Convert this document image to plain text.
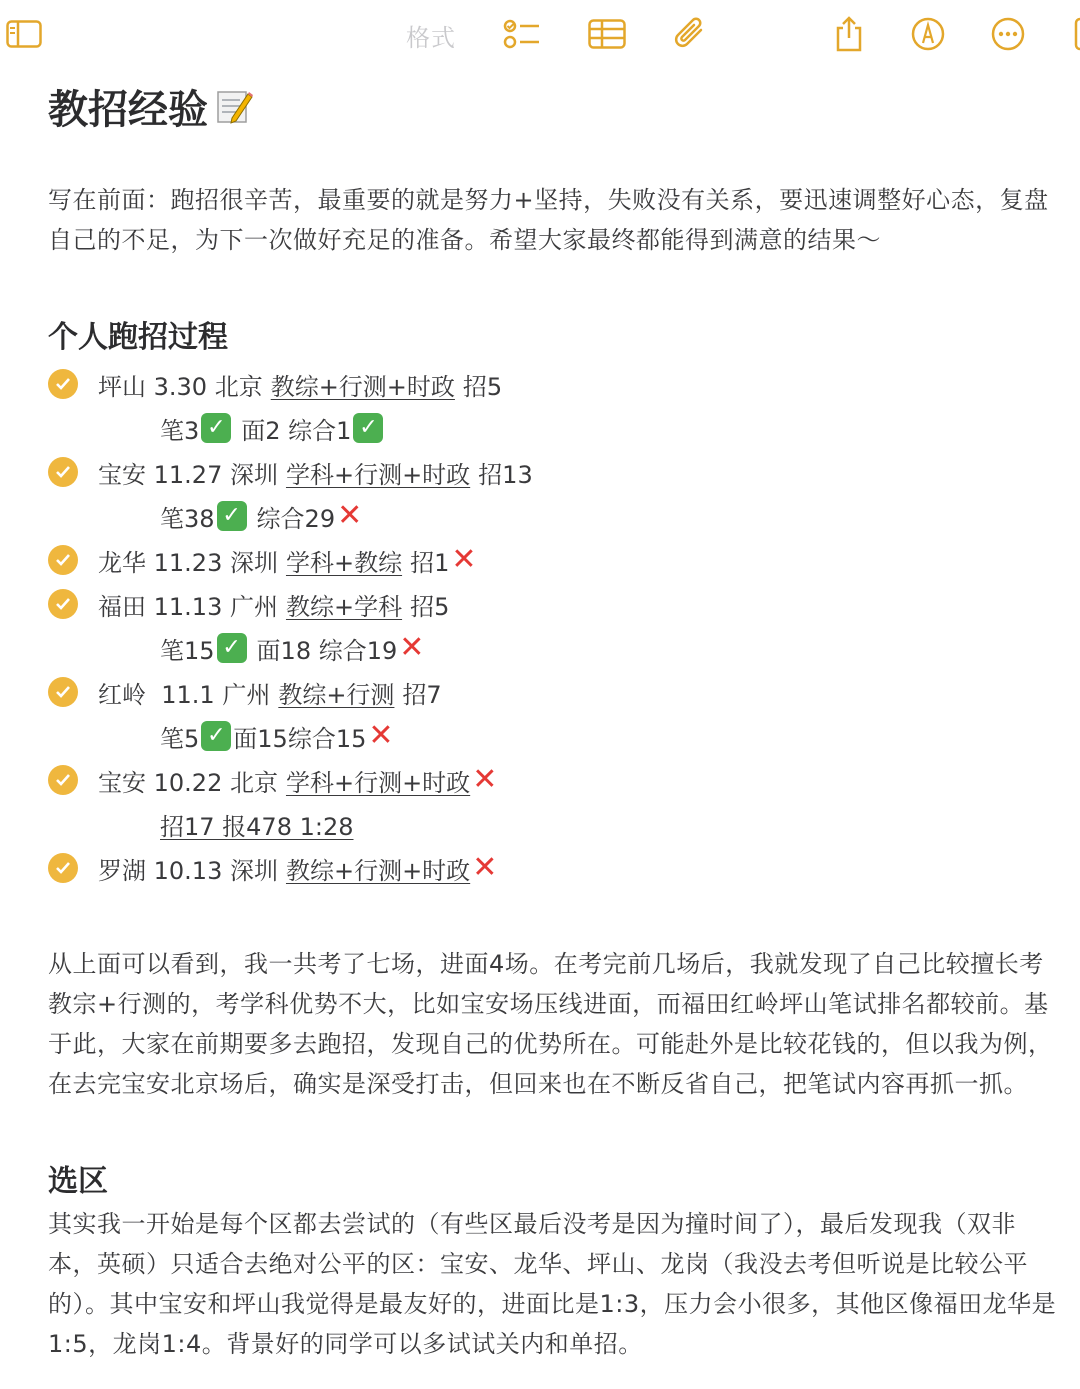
格式
教招经验

写在前面：跑招很辛苦，最重要的就是努力+坚持，失败没有关系，要迅速调整好心态，复盘自己的不足，为下一次做好充足的准备。希望大家最终都能得到满意的结果～

个人跑招过程
坪山 3.30 北京 教综+行测+时政 招5
笔3 ✓ 面2 综合1 ✓
宝安 11.27 深圳 学科+行测+时政 招13
笔38 ✓ 综合29 ✕
龙华 11.23 深圳 学科+教综 招1 ✕
福田 11.13 广州 教综+学科 招5
笔15 ✓ 面18 综合19 ✕
红岭  11.1 广州 教综+行测 招7
笔5 ✓ 面15综合15 ✕
宝安 10.22 北京 学科+行测+时政 ✕
招17 报478 1:28
罗湖 10.13 深圳 教综+行测+时政 ✕

从上面可以看到，我一共考了七场，进面4场。在考完前几场后，我就发现了自己比较擅长考教宗+行测的，考学科优势不大，比如宝安场压线进面，而福田红岭坪山笔试排名都较前。基于此，大家在前期要多去跑招，发现自己的优势所在。可能赴外是比较花钱的，但以我为例，在去完宝安北京场后，确实是深受打击，但回来也在不断反省自己，把笔试内容再抓一抓。

选区

其实我一开始是每个区都去尝试的（有些区最后没考是因为撞时间了），最后发现我（双非本，英硕）只适合去绝对公平的区：宝安、龙华、坪山、龙岗（我没去考但听说是比较公平的）。其中宝安和坪山我觉得是最友好的，进面比是1:3，压力会小很多，其他区像福田龙华是1:5，龙岗1:4。背景好的同学可以多试试关内和单招。
